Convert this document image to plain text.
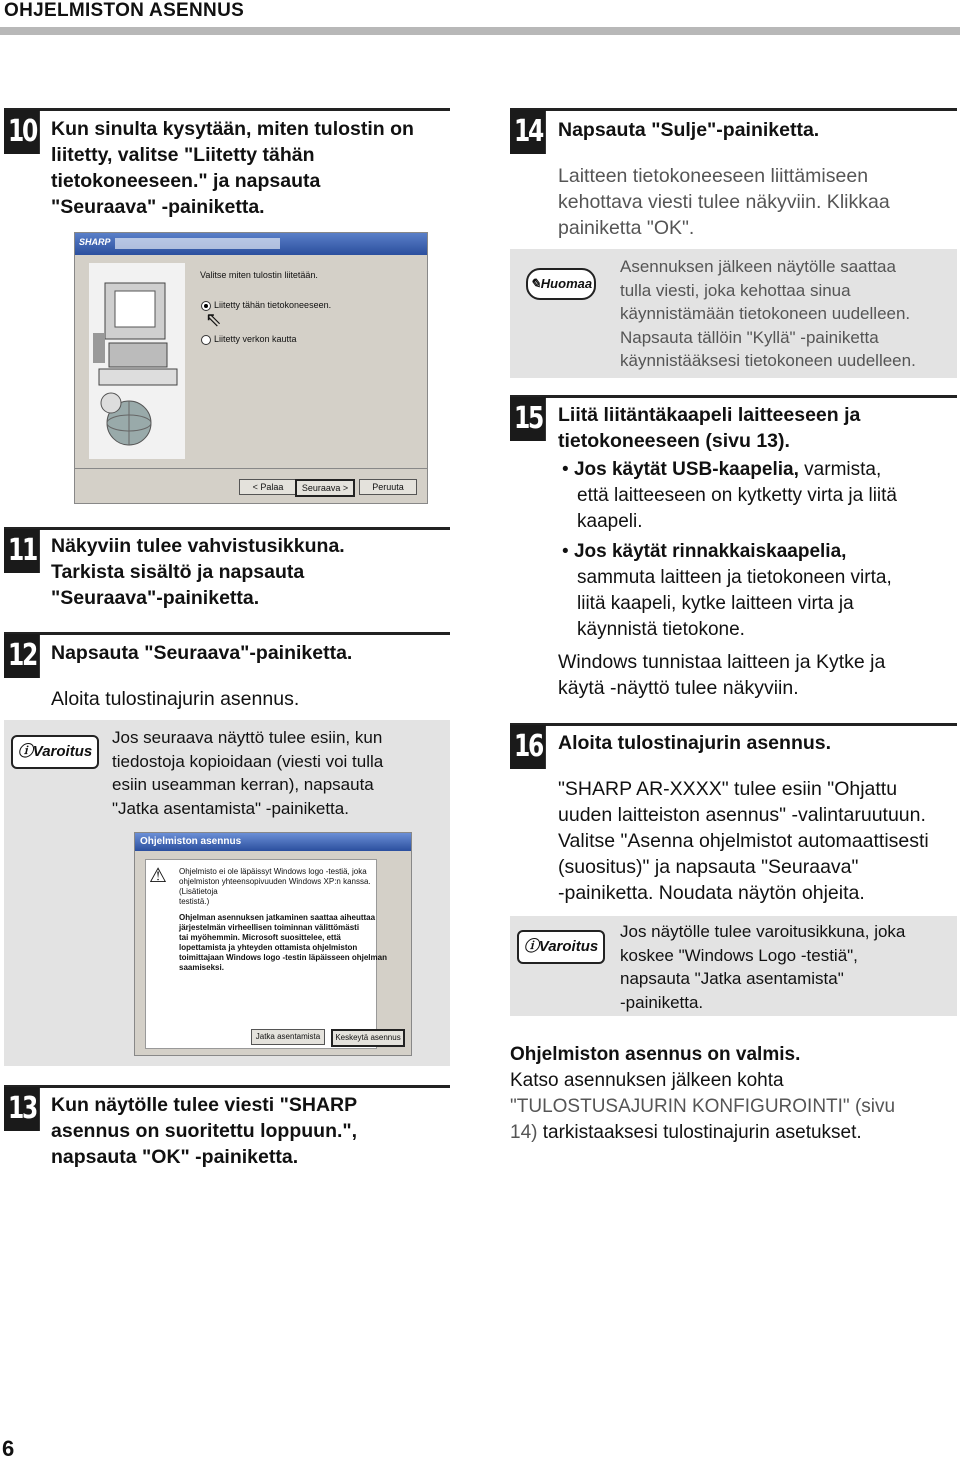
OHJELMISTON ASENNUS
10 Kun sinulta kysytään, miten tulostin on
liitetty, valitse "Liitetty tähän
tietokoneeseen." ja napsauta
"Seuraava" -painiketta.
SHARP
Valitse miten tulostin liitetään.
Liitetty tähän tietokoneeseen.
⇖
Liitetty verkon kautta
< Palaa	Seuraava >	Peruuta
11 Näkyviin tulee vahvistusikkuna.
Tarkista sisältö ja napsauta
"Seuraava"-painiketta.
12 Napsauta "Seuraava"-painiketta.
Aloita tulostinajurin asennus.
ⓘVaroitus
Jos seuraava näyttö tulee esiin, kun
tiedostoja kopioidaan (viesti voi tulla
esiin useamman kerran), napsauta
"Jatka asentamista" -painiketta.
Ohjelmiston asennus
⚠ Ohjelmisto ei ole läpäissyt Windows logo -testiä, joka
ohjelmiston yhteensopivuuden Windows XP:n kanssa. (Lisätietoja
testistä.)
Ohjelman asennuksen jatkaminen saattaa aiheuttaa
järjestelmän virheellisen toiminnan välittömästi
tai myöhemmin. Microsoft suosittelee, että
lopettamista ja yhteyden ottamista ohjelmiston
toimittajaan Windows logo -testin läpäisseen ohjelman
saamiseksi.
Jatka asentamista	Keskeytä asennus
13 Kun näytölle tulee viesti "SHARP
asennus on suoritettu loppuun.",
napsauta "OK" -painiketta.
14 Napsauta "Sulje"-painiketta.
Laitteen tietokoneeseen liittämiseen
kehottava viesti tulee näkyviin. Klikkaa
painiketta "OK".
✎Huomaa
Asennuksen jälkeen näytölle saattaa
tulla viesti, joka kehottaa sinua
käynnistämään tietokoneen uudelleen.
Napsauta tällöin "Kyllä" -painiketta
käynnistääksesi tietokoneen uudelleen.
15 Liitä liitäntäkaapeli laitteeseen ja
tietokoneeseen (sivu 13).
• Jos käytät USB-kaapelia, varmista,
että laitteeseen on kytketty virta ja liitä
kaapeli.
• Jos käytät rinnakkaiskaapelia,
sammuta laitteen ja tietokoneen virta,
liitä kaapeli, kytke laitteen virta ja
käynnistä tietokone.
Windows tunnistaa laitteen ja Kytke ja
käytä -näyttö tulee näkyviin.
16 Aloita tulostinajurin asennus.
"SHARP AR-XXXX" tulee esiin "Ohjattu
uuden laitteiston asennus" -valintaruutuun.
Valitse "Asenna ohjelmistot automaattisesti
(suositus)" ja napsauta "Seuraava"
-painiketta. Noudata näytön ohjeita.
ⓘVaroitus
Jos näytölle tulee varoitusikkuna, joka
koskee "Windows Logo -testiä",
napsauta "Jatka asentamista"
-painiketta.
Ohjelmiston asennus on valmis.
Katso asennuksen jälkeen kohta
"TULOSTUSAJURIN KONFIGUROINTI" (sivu
14) tarkistaaksesi tulostinajurin asetukset.
6
